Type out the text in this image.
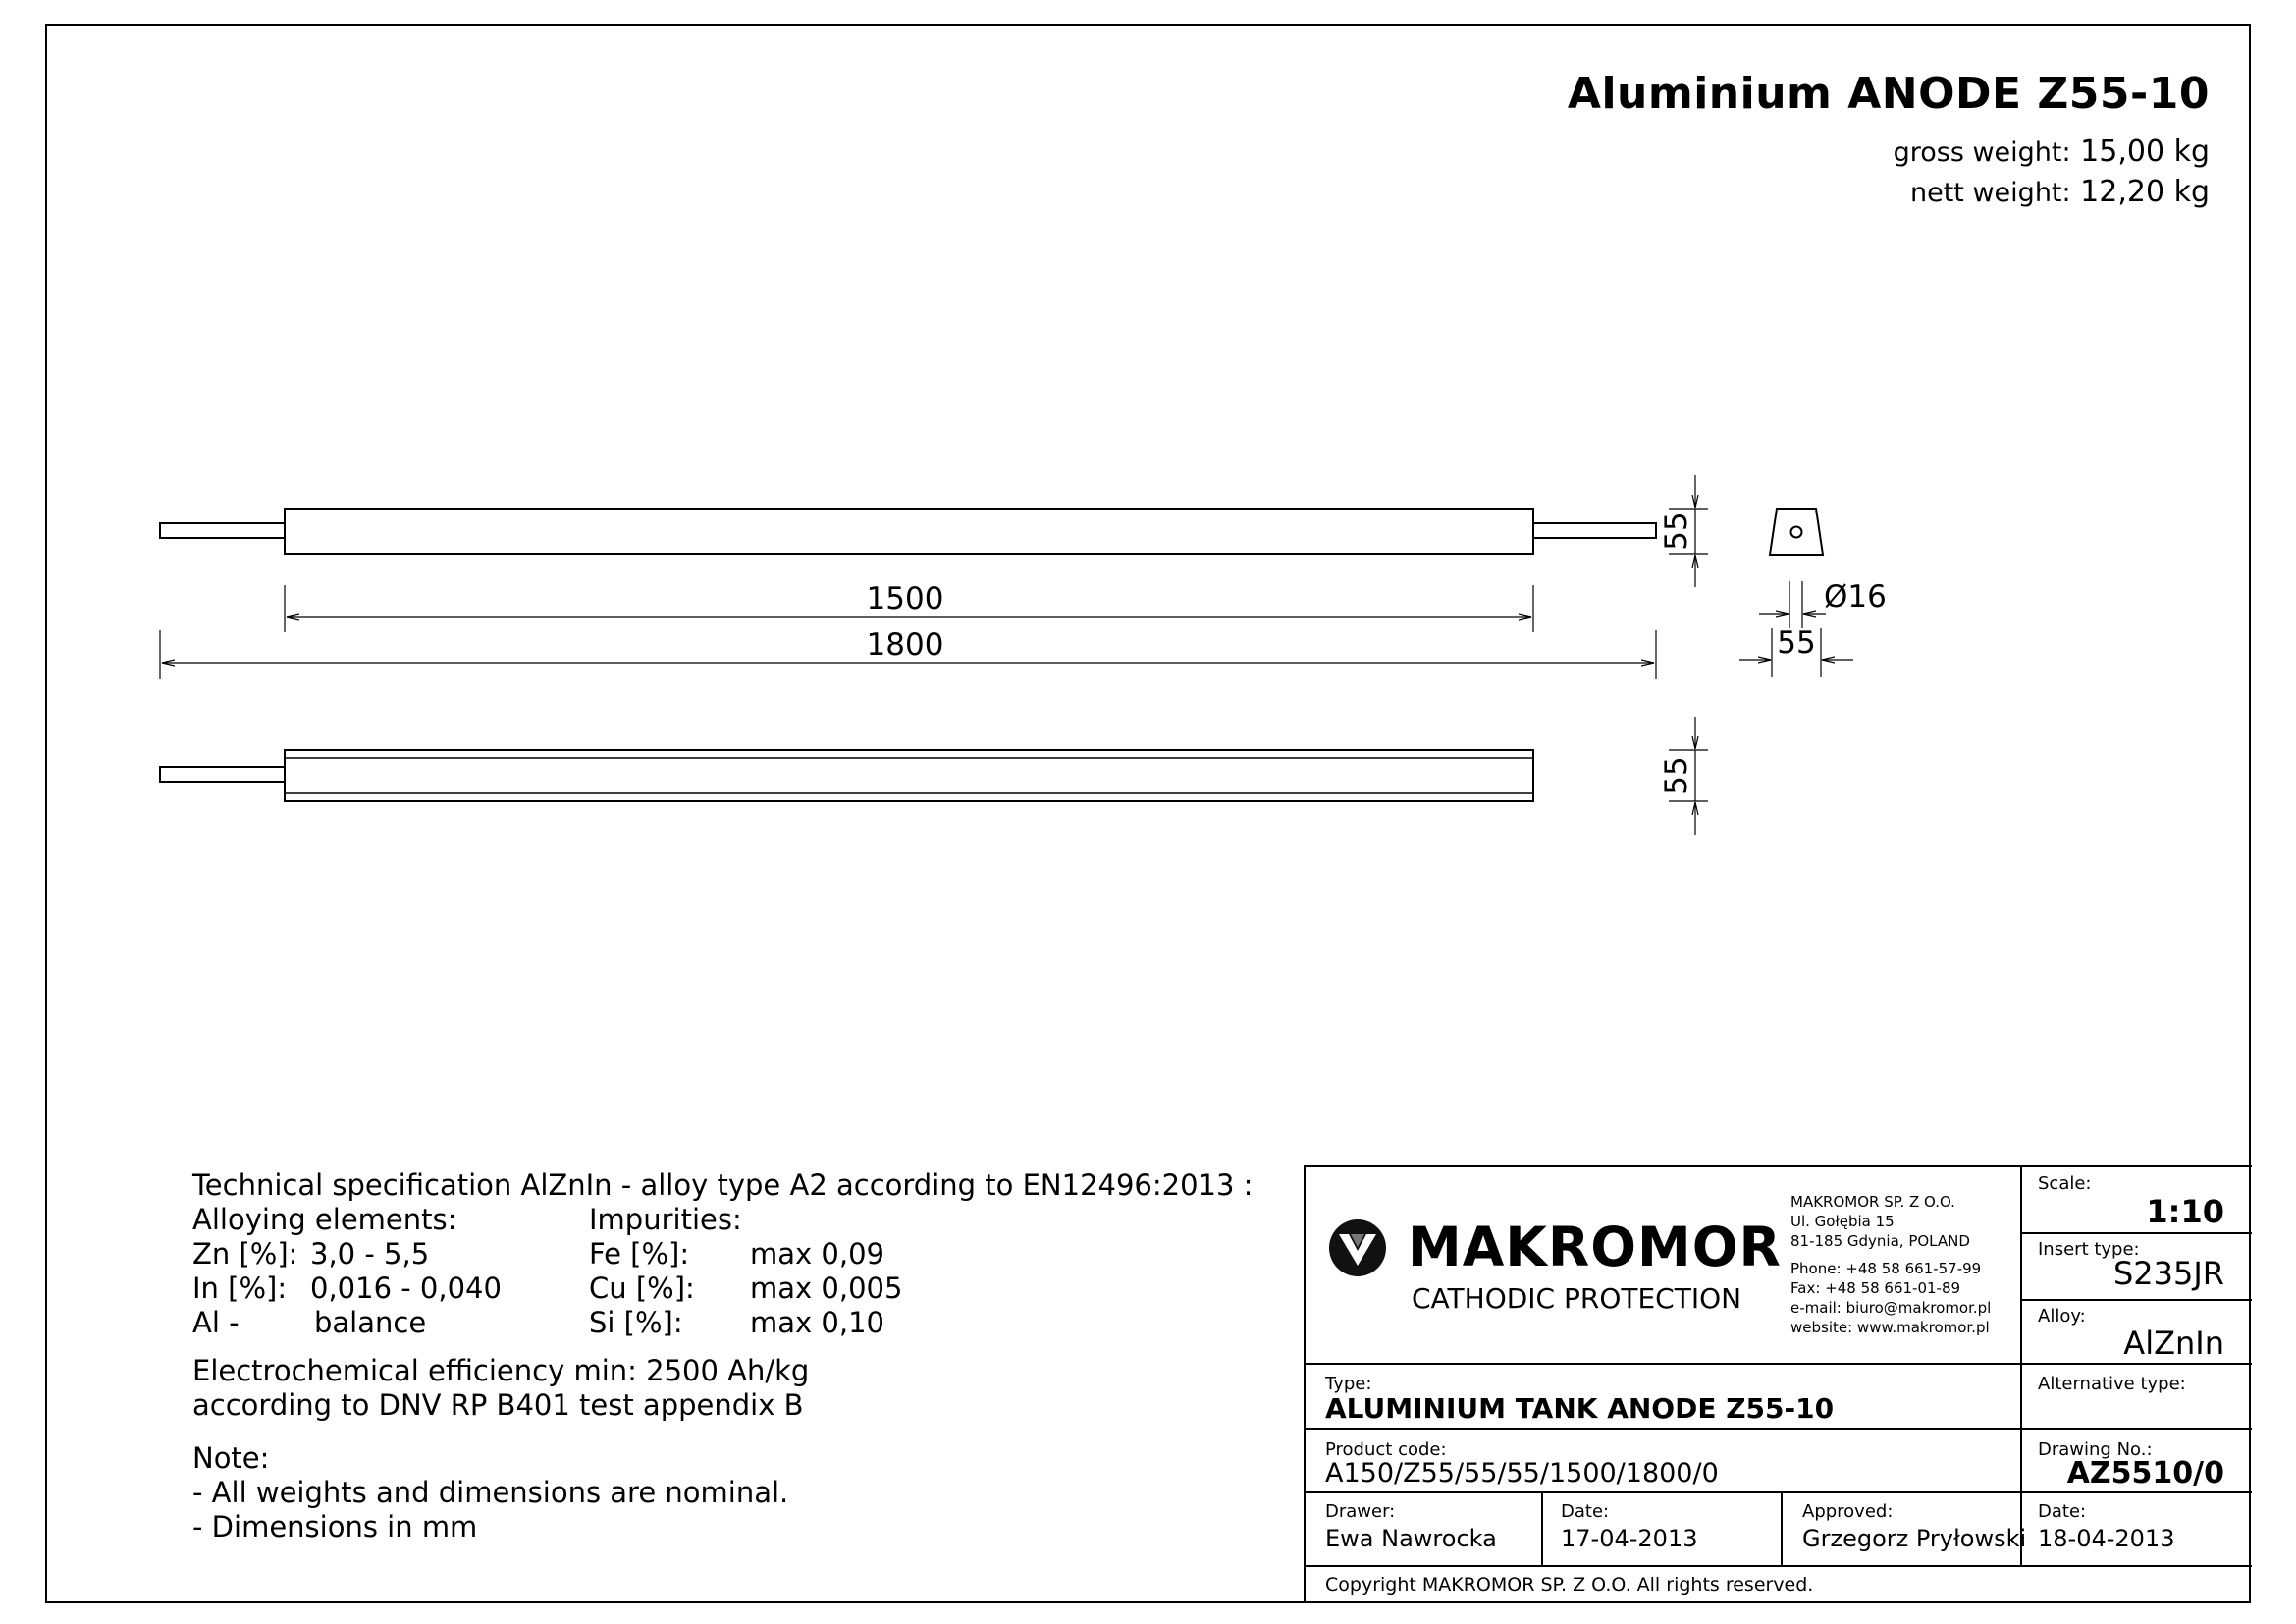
Aluminium ANODE Z55-10
gross weight: 15,00 kg
nett weight: 12,20 kg
1500
1800
55
55
55
Ø16
Technical specification AlZnIn - alloy type A2 according to EN12496:2013 :
Alloying elements:	Impurities:
Zn [%]: 3,0 - 5,5	Fe [%]: max 0,09
In [%]: 0,016 - 0,040	Cu [%]: max 0,005
Al -	balance	Si [%]: max 0,10
Electrochemical efficiency min: 2500 Ah/kg
according to DNV RP B401 test appendix B
Note:
- All weights and dimensions are nominal.
- Dimensions in mm
MAKROMOR
CATHODIC PROTECTION
MAKROMOR SP. Z O.O.
Ul. Gołębia 15
81-185 Gdynia, POLAND
Phone: +48 58 661-57-99
Fax: +48 58 661-01-89
e-mail: biuro@makromor.pl
website: www.makromor.pl
Scale:
1:10
Insert type:
S235JR
Alloy:
AlZnIn
Type:
ALUMINIUM TANK ANODE Z55-10
Alternative type:
Product code:
A150/Z55/55/55/1500/1800/0
Drawing No.:
AZ5510/0
Drawer:
Ewa Nawrocka
Date:
17-04-2013
Approved:
Grzegorz Pryłowski
Date:
18-04-2013
Copyright MAKROMOR SP. Z O.O. All rights reserved.
